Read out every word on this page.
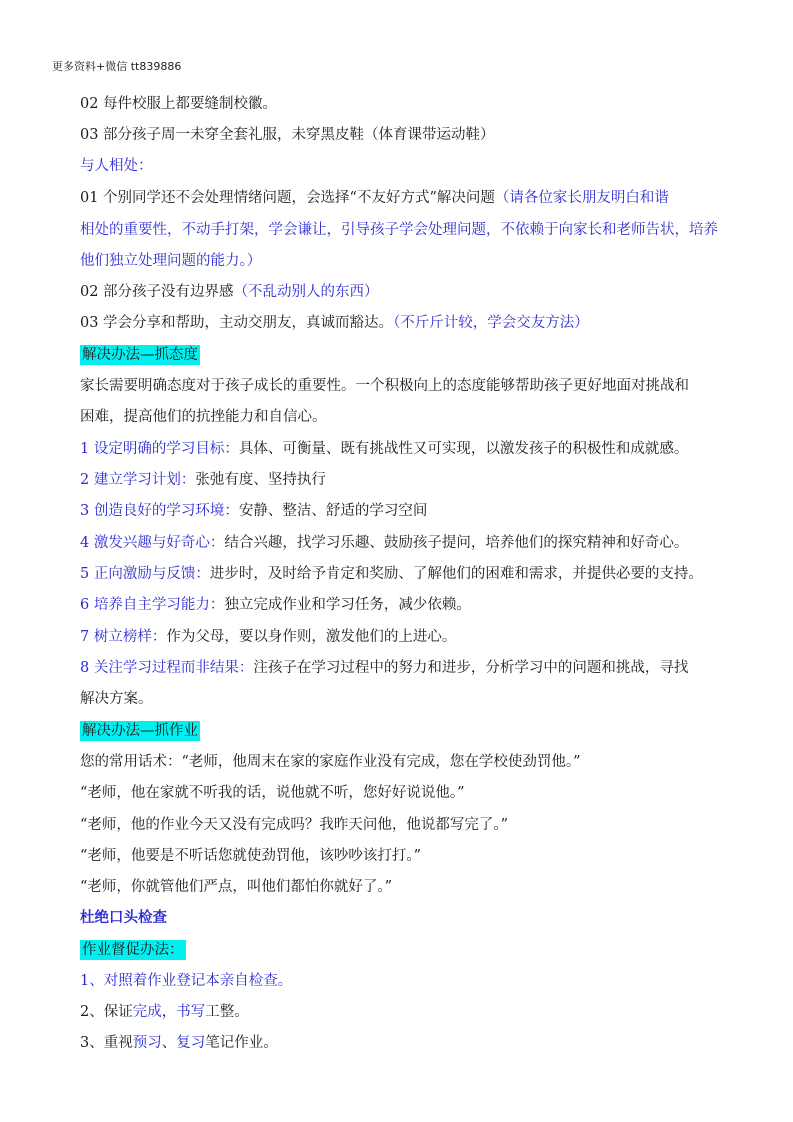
更多资料+微信 tt839886
02 每件校服上都要缝制校徽。
03 部分孩子周一未穿全套礼服，未穿黑皮鞋（体育课带运动鞋）
与人相处：
01 个别同学还不会处理情绪问题，会选择“不友好方式”解决问题（请各位家长朋友明白和谐
相处的重要性，不动手打架，学会谦让，引导孩子学会处理问题，不依赖于向家长和老师告状，培养
他们独立处理问题的能力。）
02 部分孩子没有边界感（不乱动别人的东西）
03 学会分享和帮助，主动交朋友，真诚而豁达。（不斤斤计较，学会交友方法）
解决办法—抓态度
家长需要明确态度对于孩子成长的重要性。一个积极向上的态度能够帮助孩子更好地面对挑战和
困难，提高他们的抗挫能力和自信心。
1 设定明确的学习目标：具体、可衡量、既有挑战性又可实现，以激发孩子的积极性和成就感。
2 建立学习计划：张弛有度、坚持执行
3 创造良好的学习环境：安静、整洁、舒适的学习空间
4 激发兴趣与好奇心：结合兴趣，找学习乐趣、鼓励孩子提问，培养他们的探究精神和好奇心。
5 正向激励与反馈：进步时，及时给予肯定和奖励、了解他们的困难和需求，并提供必要的支持。
6 培养自主学习能力：独立完成作业和学习任务，减少依赖。
7 树立榜样：作为父母，要以身作则，激发他们的上进心。
8 关注学习过程而非结果：注孩子在学习过程中的努力和进步，分析学习中的问题和挑战，寻找
解决方案。
解决办法—抓作业
您的常用话术：“老师，他周末在家的家庭作业没有完成，您在学校使劲罚他。”
“老师，他在家就不听我的话，说他就不听，您好好说说他。”
“老师，他的作业今天又没有完成吗？我昨天问他，他说都写完了。”
“老师，他要是不听话您就使劲罚他，该吵吵该打打。”
“老师，你就管他们严点，叫他们都怕你就好了。”
杜绝口头检查
作业督促办法：
1、对照着作业登记本亲自检查。
2、保证完成，书写工整。
3、重视预习、复习笔记作业。
